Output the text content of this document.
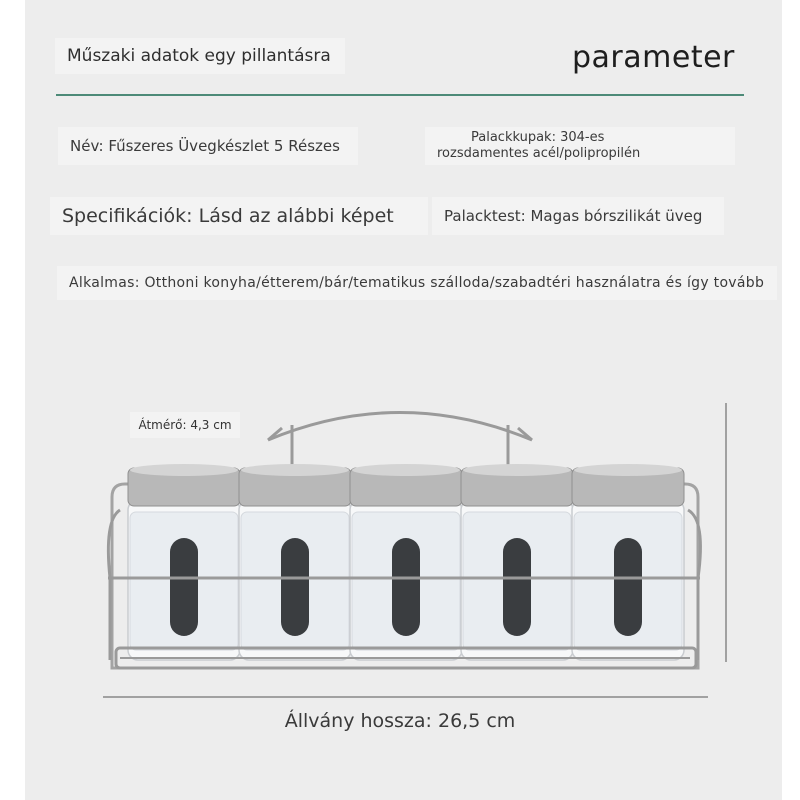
Műszaki adatok egy pillantásra	parameter
Név: Fűszeres Üvegkészlet 5 Részes	Palackkupak: 304-es
rozsdamentes acél/polipropilén
Specifikációk: Lásd az alábbi képet	Palacktest: Magas bórszilikát üveg
Alkalmas: Otthoni konyha/étterem/bár/tematikus szálloda/szabadtéri használatra és így tovább
Átmérő: 4,3 cm
Állvány hossza: 26,5 cm
